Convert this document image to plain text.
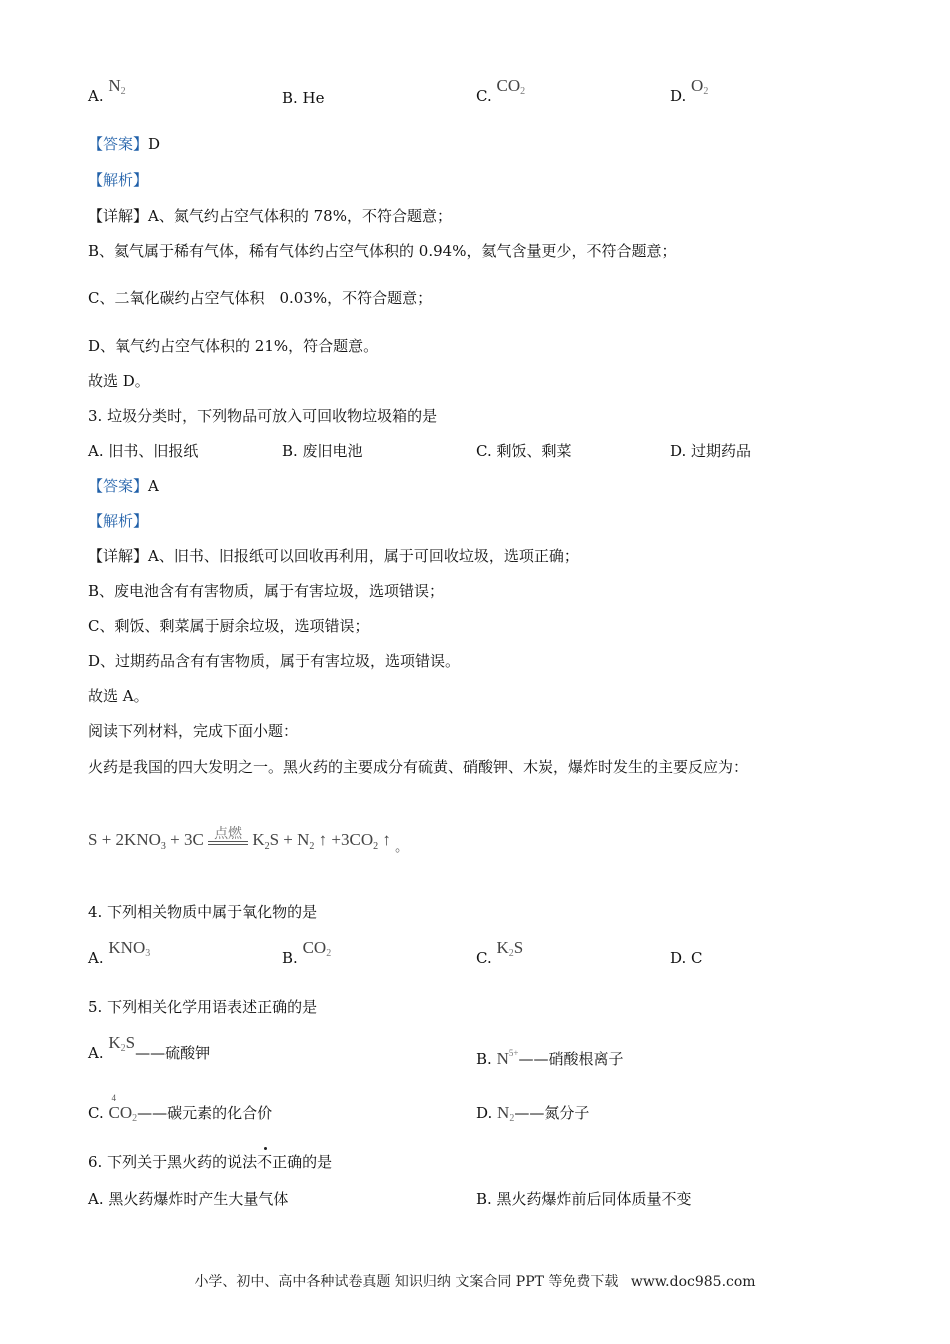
A. $N_2$	B. He	C. $CO_2$	D. $O_2$
【答案】D
【解析】
【详解】A、氮气约占空气体积的 78%，不符合题意；
B、氦气属于稀有气体，稀有气体约占空气体积的 0.94%，氦气含量更少，不符合题意；
C、二氧化碳约占空气体积　0.03%，不符合题意；
D、氧气约占空气体积的 21%，符合题意。
故选 D。
3. 垃圾分类时，下列物品可放入可回收物垃圾箱的是
A. 旧书、旧报纸	B. 废旧电池	C. 剩饭、剩菜	D. 过期药品
【答案】A
【解析】
【详解】A、旧书、旧报纸可以回收再利用，属于可回收垃圾，选项正确；
B、废电池含有有害物质，属于有害垃圾，选项错误；
C、剩饭、剩菜属于厨余垃圾，选项错误；
D、过期药品含有有害物质，属于有害垃圾，选项错误。
故选 A。
阅读下列材料，完成下面小题：
火药是我国的四大发明之一。黑火药的主要成分有硫黄、硝酸钾、木炭，爆炸时发生的主要反应为：
$S + 2KNO_3 + 3C$ 点燃 $K_2S + N_2$ ↑ $+3CO_2$ ↑ $_。$
4. 下列相关物质中属于氧化物的是
A. $KNO_3$	B. $CO_2$	C. $K_2S$
D. C
5. 下列相关化学用语表述正确的是
A. $K_2S——$硫酸钾	B. $N^{5+}——$硝酸根离子
C.
4
$CO_2——$碳元素的化合价	D. $N_2——$氮分子
6. 下列关于黑火药的说法不正确的是
A. 黑火药爆炸时产生大量气体	B. 黑火药爆炸前后同体质量不变
小学、初中、高中各种试卷真题 知识归纳 文案合同 PPT 等免费下载 www.doc985.com
